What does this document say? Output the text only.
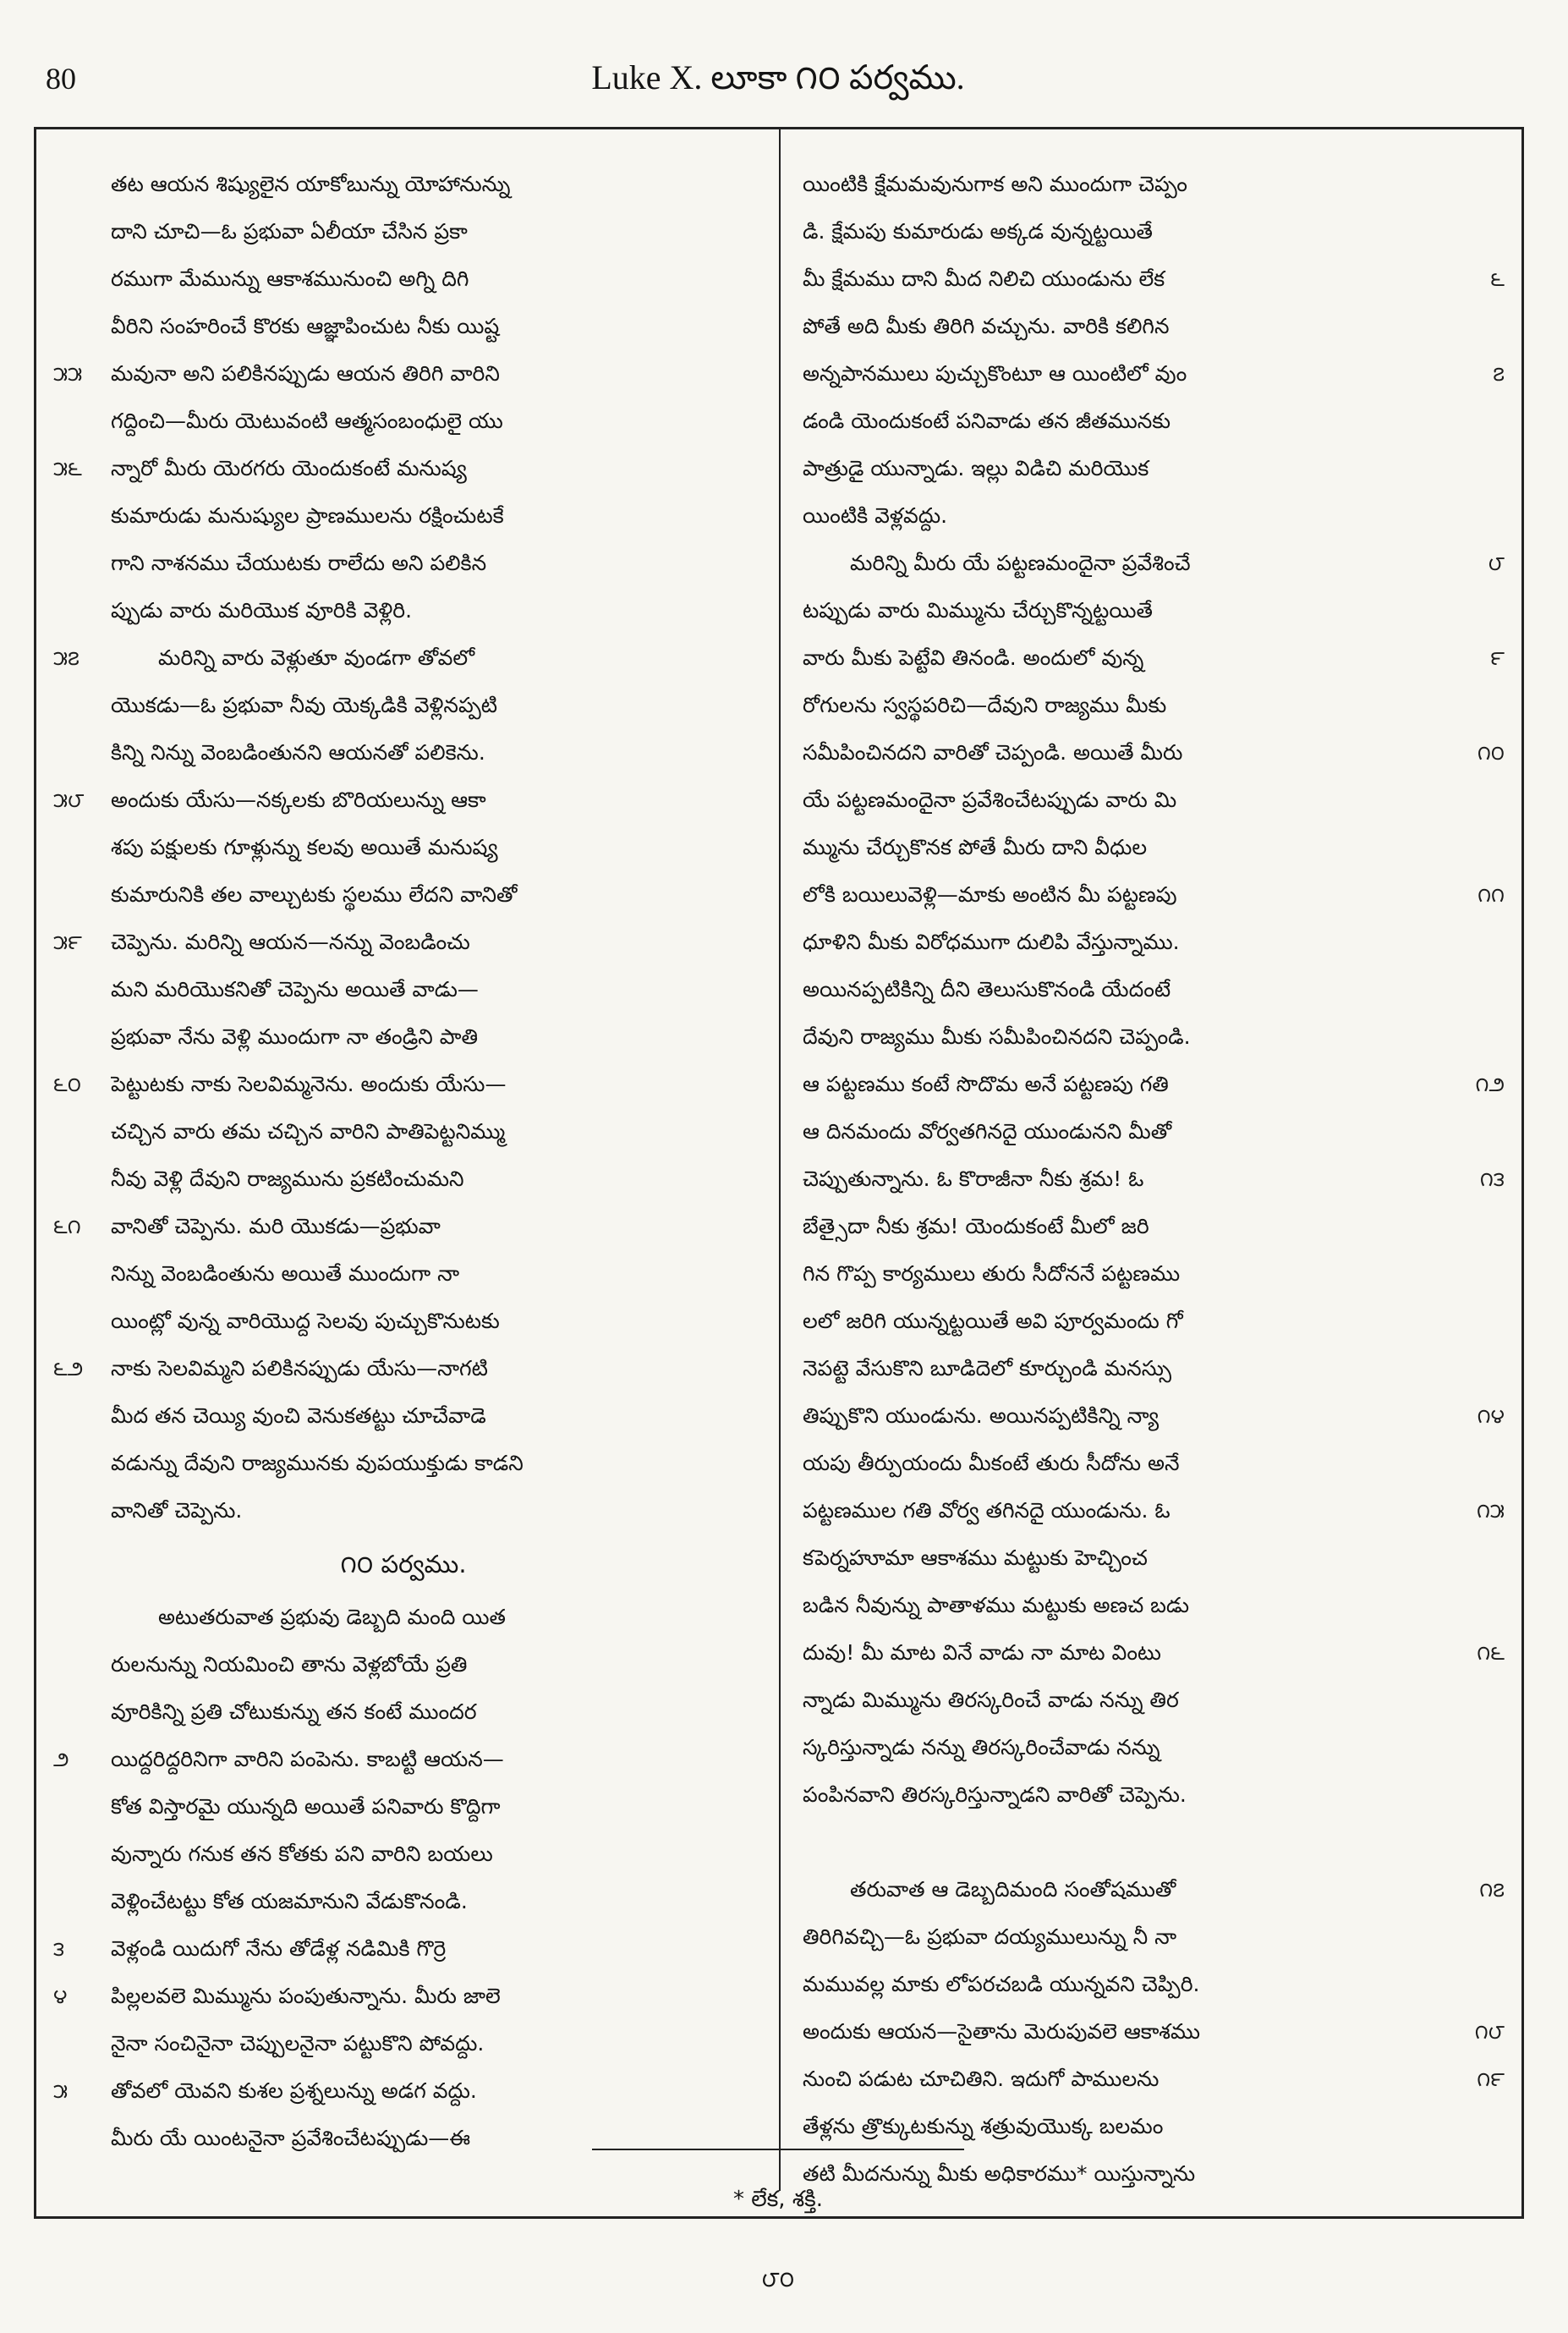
80	Luke X. లూకా ౧౦ పర్వము.
తట ఆయన శిష్యులైన యాకోబున్ను యోహానున్ను
దాని చూచి—ఓ ప్రభువా ఏలీయా చేసిన ప్రకా
రముగా మేమున్ను ఆకాశమునుంచి అగ్ని దిగి
వీరిని సంహరించే కొరకు ఆజ్ఞాపించుట నీకు యిష్ట
౫౫ మవునా అని పలికినప్పుడు ఆయన తిరిగి వారిని
గద్దించి—మీరు యెటువంటి ఆత్మసంబంధులై యు
౫౬ న్నారో మీరు యెరగరు యెందుకంటే మనుష్య
కుమారుడు మనుష్యుల ప్రాణములను రక్షించుటకే
గాని నాశనము చేయుటకు రాలేదు అని పలికిన
ప్పుడు వారు మరియొక వూరికి వెళ్లిరి.
౫౭	మరిన్ని వారు వెళ్లుతూ వుండగా తోవలో
యొకడు—ఓ ప్రభువా నీవు యెక్కడికి వెళ్లినప్పటి
కిన్ని నిన్ను వెంబడింతునని ఆయనతో పలికెను.
౫౮ అందుకు యేసు—నక్కలకు బొరియలున్ను ఆకా
శపు పక్షులకు గూళ్లున్ను కలవు అయితే మనుష్య
కుమారునికి తల వాల్చుటకు స్థలము లేదని వానితో
౫౯ చెప్పెను. మరిన్ని ఆయన—నన్ను వెంబడించు
మని మరియొకనితో చెప్పెను అయితే వాడు—
ప్రభువా నేను వెళ్లి ముందుగా నా తండ్రిని పాతి
౬౦ పెట్టుటకు నాకు సెలవిమ్మనెను. అందుకు యేసు—
చచ్చిన వారు తమ చచ్చిన వారిని పాతిపెట్టనిమ్ము
నీవు వెళ్లి దేవుని రాజ్యమును ప్రకటించుమని
౬౧ వానితో చెప్పెను. మరి యొకడు—ప్రభువా
నిన్ను వెంబడింతును అయితే ముందుగా నా
యింట్లో వున్న వారియొద్ద సెలవు పుచ్చుకొనుటకు
౬౨ నాకు సెలవిమ్మని పలికినప్పుడు యేసు—నాగటి
మీద తన చెయ్యి వుంచి వెనుకతట్టు చూచేవాడె
వడున్ను దేవుని రాజ్యమునకు వుపయుక్తుడు కాడని
వానితో చెప్పెను.
౧౦ పర్వము.
అటుతరువాత ప్రభువు డెబ్బది మంది యిత
రులనున్ను నియమించి తాను వెళ్లబోయే ప్రతి
వూరికిన్ని ప్రతి చోటుకున్ను తన కంటే ముందర
౨ యిద్దరిద్దరినిగా వారిని పంపెను. కాబట్టి ఆయన—
కోత విస్తారమై యున్నది అయితే పనివారు కొద్దిగా
వున్నారు గనుక తన కోతకు పని వారిని బయలు
వెళ్లించేటట్టు కోత యజమానుని వేడుకొనండి.
౩ వెళ్లండి యిదుగో నేను తోడేళ్ల నడిమికి గొర్రె
౪ పిల్లలవలె మిమ్మును పంపుతున్నాను. మీరు జాలె
నైనా సంచినైనా చెప్పులనైనా పట్టుకొని పోవద్దు.
౫ తోవలో యెవని కుశల ప్రశ్నలున్ను అడగ వద్దు.
మీరు యే యింటనైనా ప్రవేశించేటప్పుడు—ఈ
యింటికి క్షేమమవునుగాక అని ముందుగా చెప్పం
డి. క్షేమపు కుమారుడు అక్కడ వున్నట్టయితే
౬
మీ క్షేమము దాని మీద నిలిచి యుండును లేక
పోతే అది మీకు తిరిగి వచ్చును. వారికి కలిగిన
౭
అన్నపానములు పుచ్చుకొంటూ ఆ యింటిలో వుం
డండి యెందుకంటే పనివాడు తన జీతమునకు
పాత్రుడై యున్నాడు. ఇల్లు విడిచి మరియొక
యింటికి వెళ్లవద్దు.
౮
మరిన్ని మీరు యే పట్టణమందైనా ప్రవేశించే
టప్పుడు వారు మిమ్మును చేర్చుకొన్నట్టయితే
౯
వారు మీకు పెట్టేవి తినండి. అందులో వున్న
రోగులను స్వస్థపరిచి—దేవుని రాజ్యము మీకు
౧౦
సమీపించినదని వారితో చెప్పండి. అయితే మీరు
యే పట్టణమందైనా ప్రవేశించేటప్పుడు వారు మి
మ్మును చేర్చుకొనక పోతే మీరు దాని వీధుల
౧౧
లోకి బయిలువెళ్లి—మాకు అంటిన మీ పట్టణపు
ధూళిని మీకు విరోధముగా దులిపి వేస్తున్నాము.
అయినప్పటికిన్ని దీని తెలుసుకొనండి యేదంటే
దేవుని రాజ్యము మీకు సమీపించినదని చెప్పండి.
౧౨
ఆ పట్టణము కంటే సొదొమ అనే పట్టణపు గతి
ఆ దినమందు వోర్వతగినదై యుండునని మీతో
౧౩
చెప్పుతున్నాను. ఓ కొరాజీనా నీకు శ్రమ! ఓ
బేత్సైదా నీకు శ్రమ! యెందుకంటే మీలో జరి
గిన గొప్ప కార్యములు తురు సీదోననే పట్టణము
లలో జరిగి యున్నట్టయితే అవి పూర్వమందు గో
నెపట్టె వేసుకొని బూడిదెలో కూర్చుండి మనస్సు
౧౪
తిప్పుకొని యుండును. అయినప్పటికిన్ని న్యా
యపు తీర్పుయందు మీకంటే తురు సీదోను అనే
౧౫
పట్టణముల గతి వోర్వ తగినదై యుండును. ఓ
కపెర్నహూమా ఆకాశము మట్టుకు హెచ్చించ
బడిన నీవున్ను పాతాళము మట్టుకు అణచ బడు
౧౬
దువు! మీ మాట వినే వాడు నా మాట వింటు
న్నాడు మిమ్మును తిరస్కరించే వాడు నన్ను తిర
స్కరిస్తున్నాడు నన్ను తిరస్కరించేవాడు నన్ను
పంపినవాని తిరస్కరిస్తున్నాడని వారితో చెప్పెను.
౧౭
తరువాత ఆ డెబ్బదిమంది సంతోషముతో
తిరిగివచ్చి—ఓ ప్రభువా దయ్యములున్ను నీ నా
మమువల్ల మాకు లోపరచబడి యున్నవని చెప్పిరి.
౧౮
అందుకు ఆయన—సైతాను మెరుపువలె ఆకాశము
౧౯
నుంచి పడుట చూచితిని. ఇదుగో పాములను
తేళ్లను త్రొక్కుటకున్ను శత్రువుయొక్క బలమం
తటి మీదనున్ను మీకు అధికారము* యిస్తున్నాను
* లేక, శక్తి.
౮౦
